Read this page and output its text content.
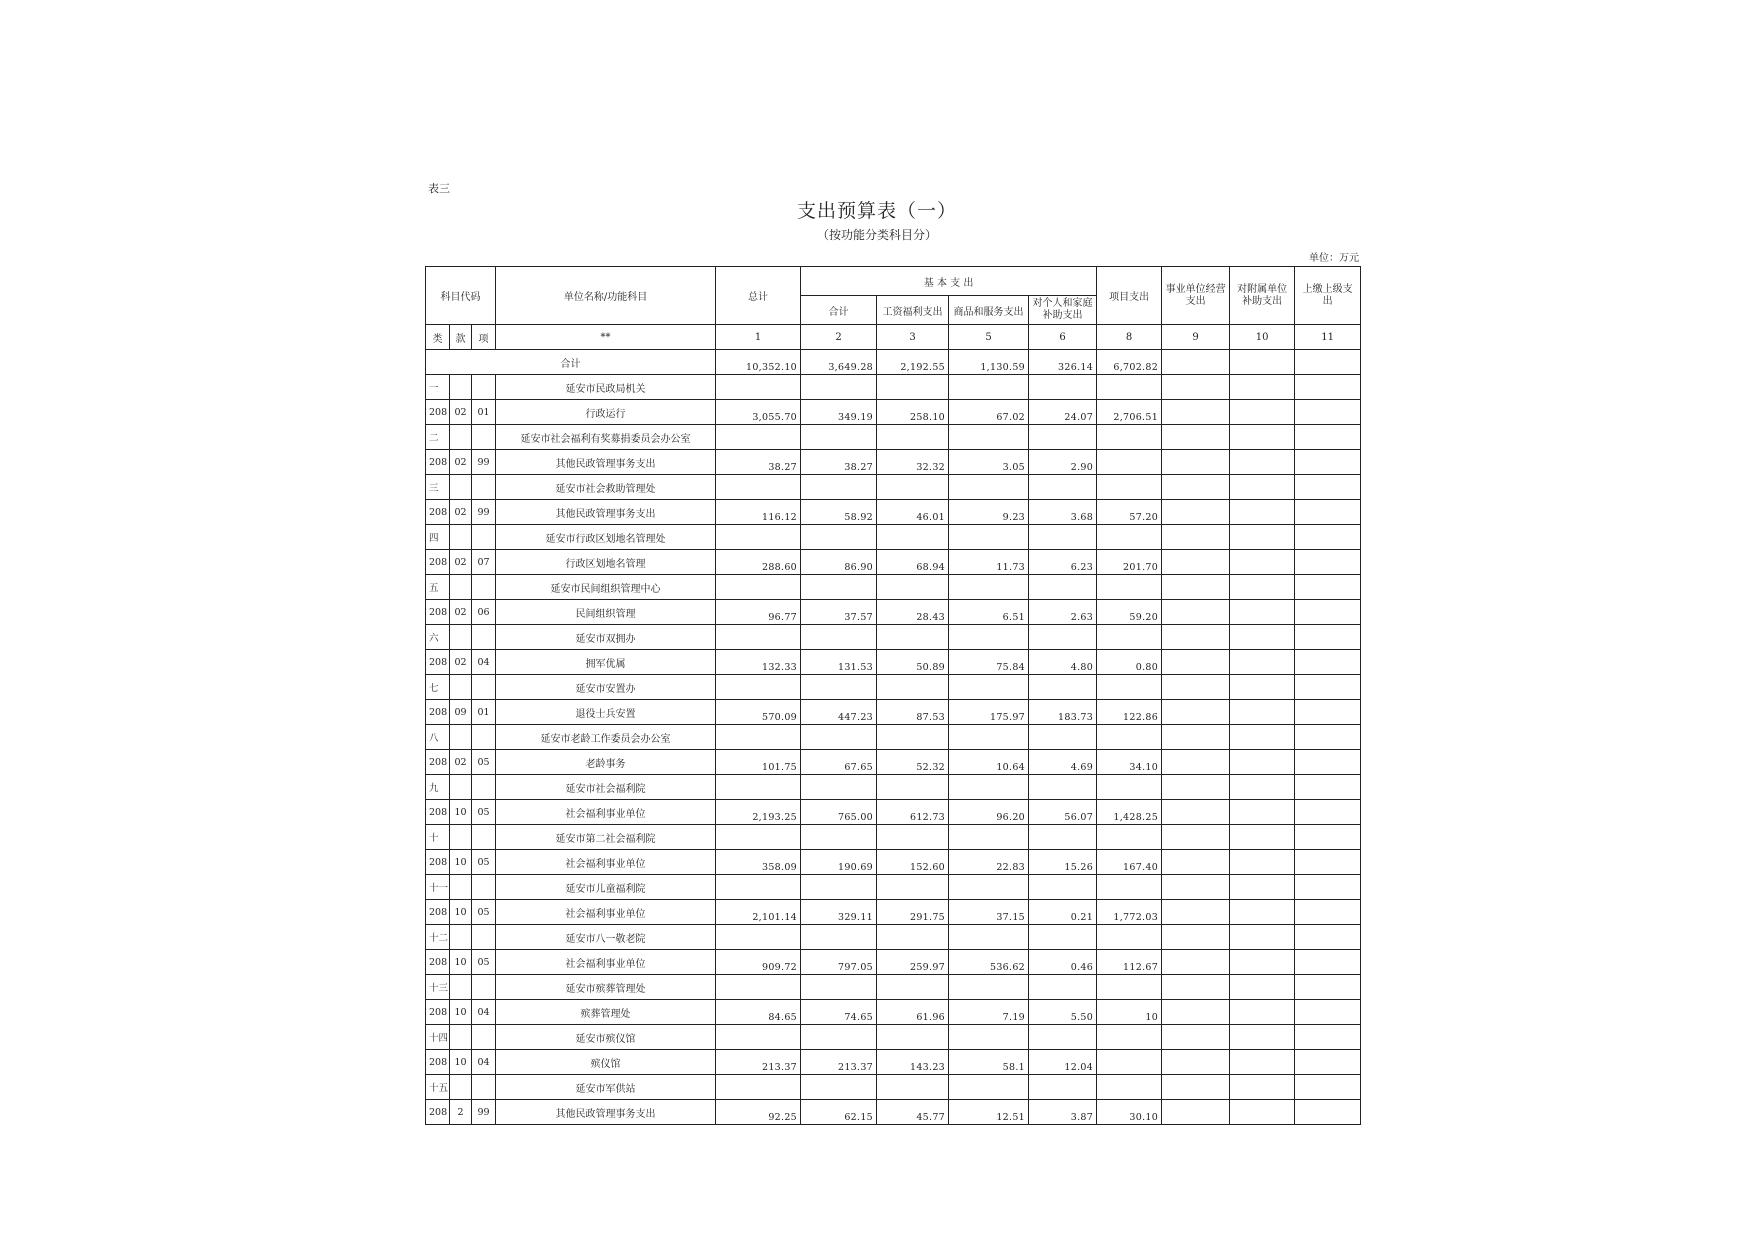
表三
支出预算表（一）
（按功能分类科目分）
单位：万元
科目代码			单位名称/功能科目	总计	基 本 支 出				项目支出	事业单位经营支出	对附属单位补助支出	上缴上级支出
					合计	工资福利支出	商品和服务支出	对个人和家庭补助支出				
类	款	项	**	1	2	3	5	6	8	9	10	11
合计				10,352.10	3,649.28	2,192.55	1,130.59	326.14	6,702.82			
一			延安市民政局机关									
208	02	01	行政运行	3,055.70	349.19	258.10	67.02	24.07	2,706.51			
二			延安市社会福利有奖募捐委员会办公室									
208	02	99	其他民政管理事务支出	38.27	38.27	32.32	3.05	2.90				
三			延安市社会救助管理处									
208	02	99	其他民政管理事务支出	116.12	58.92	46.01	9.23	3.68	57.20			
四			延安市行政区划地名管理处									
208	02	07	行政区划地名管理	288.60	86.90	68.94	11.73	6.23	201.70			
五			延安市民间组织管理中心									
208	02	06	民间组织管理	96.77	37.57	28.43	6.51	2.63	59.20			
六			延安市双拥办									
208	02	04	拥军优属	132.33	131.53	50.89	75.84	4.80	0.80			
七			延安市安置办									
208	09	01	退役士兵安置	570.09	447.23	87.53	175.97	183.73	122.86			
八			延安市老龄工作委员会办公室									
208	02	05	老龄事务	101.75	67.65	52.32	10.64	4.69	34.10			
九			延安市社会福利院									
208	10	05	社会福利事业单位	2,193.25	765.00	612.73	96.20	56.07	1,428.25			
十			延安市第二社会福利院									
208	10	05	社会福利事业单位	358.09	190.69	152.60	22.83	15.26	167.40			
十一			延安市儿童福利院									
208	10	05	社会福利事业单位	2,101.14	329.11	291.75	37.15	0.21	1,772.03			
十二			延安市八一敬老院									
208	10	05	社会福利事业单位	909.72	797.05	259.97	536.62	0.46	112.67			
十三			延安市殡葬管理处									
208	10	04	殡葬管理处	84.65	74.65	61.96	7.19	5.50	10			
十四			延安市殡仪馆									
208	10	04	殡仪馆	213.37	213.37	143.23	58.1	12.04				
十五			延安市军供站									
208	2	99	其他民政管理事务支出	92.25	62.15	45.77	12.51	3.87	30.10			
